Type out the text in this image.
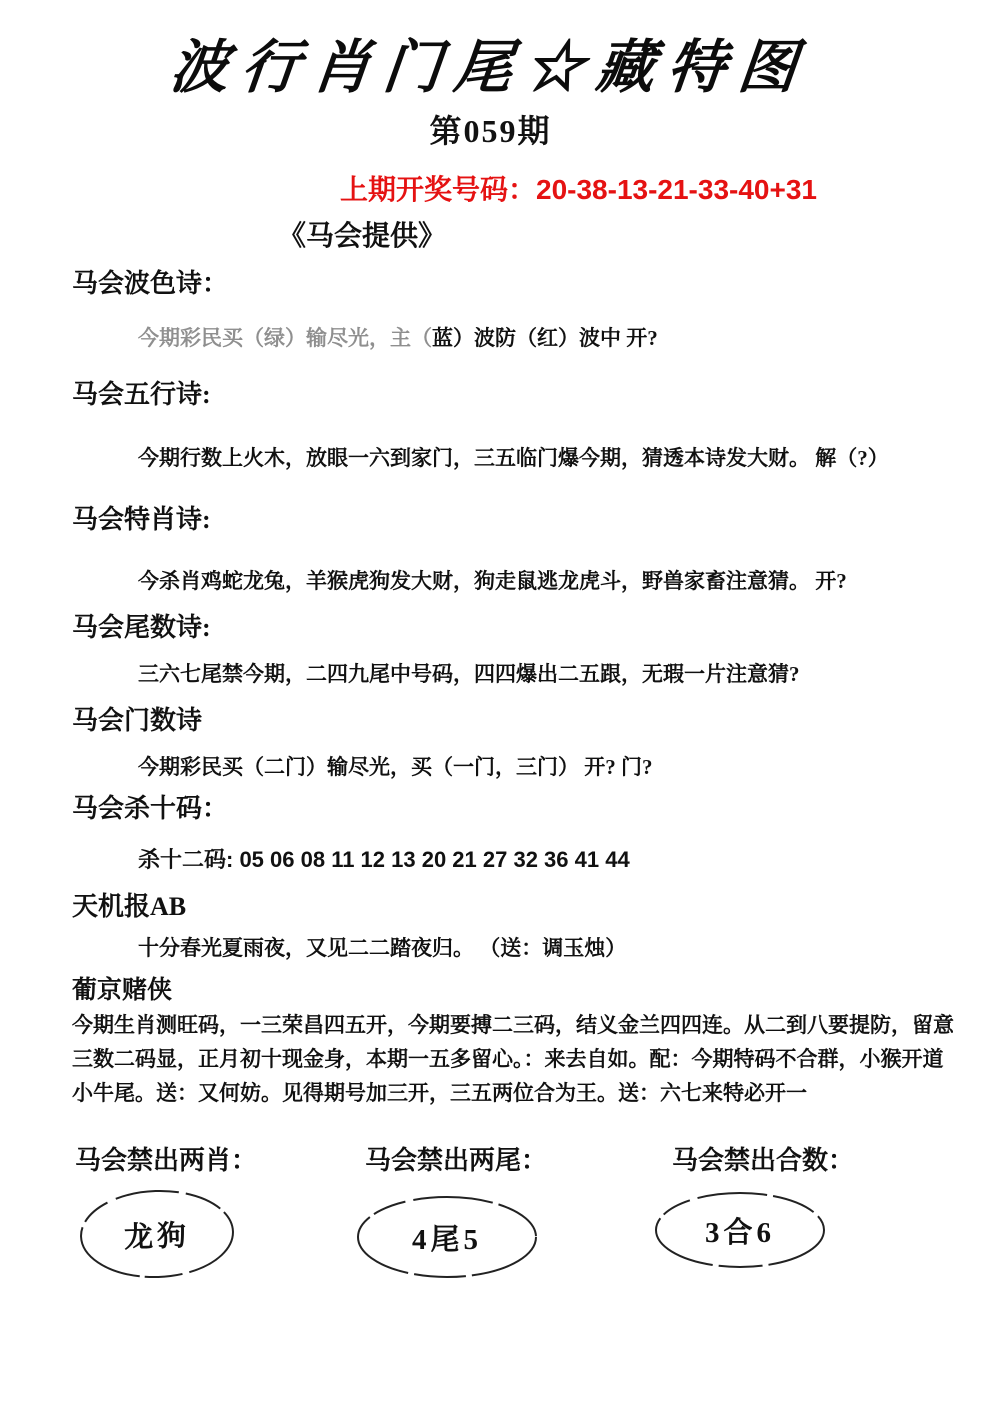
波行肖门尾☆藏特图
第059期
上期开奖号码：20-38-13-21-33-40+31
《马会提供》
马会波色诗：
今期彩民买（绿）输尽光，主（蓝）波防（红）波中 开?
马会五行诗:
今期行数上火木，放眼一六到家门，三五临门爆今期，猜透本诗发大财。 解（?）
马会特肖诗:
今杀肖鸡蛇龙兔，羊猴虎狗发大财，狗走鼠逃龙虎斗，野兽家畜注意猜。 开?
马会尾数诗:
三六七尾禁今期，二四九尾中号码，四四爆出二五跟，无瑕一片注意猜?
马会门数诗
今期彩民买（二门）输尽光，买（一门，三门） 开? 门?
马会杀十码：
杀十二码: 05 06 08 11 12 13 20 21 27 32 36 41 44
天机报AB
十分春光夏雨夜，又见二二踏夜归。 （送：调玉烛）
葡京赌侠
今期生肖测旺码，一三荣昌四五开，今期要搏二三码，结义金兰四四连。从二到八要提防，留意
三数二码显，正月初十现金身，本期一五多留心。：来去自如。配：今期特码不合群，小猴开道
小牛尾。送：又何妨。见得期号加三开，三五两位合为王。送：六七来特必开一
马会禁出两肖：	马会禁出两尾：	马会禁出合数：
龙狗	4尾5	3合6
